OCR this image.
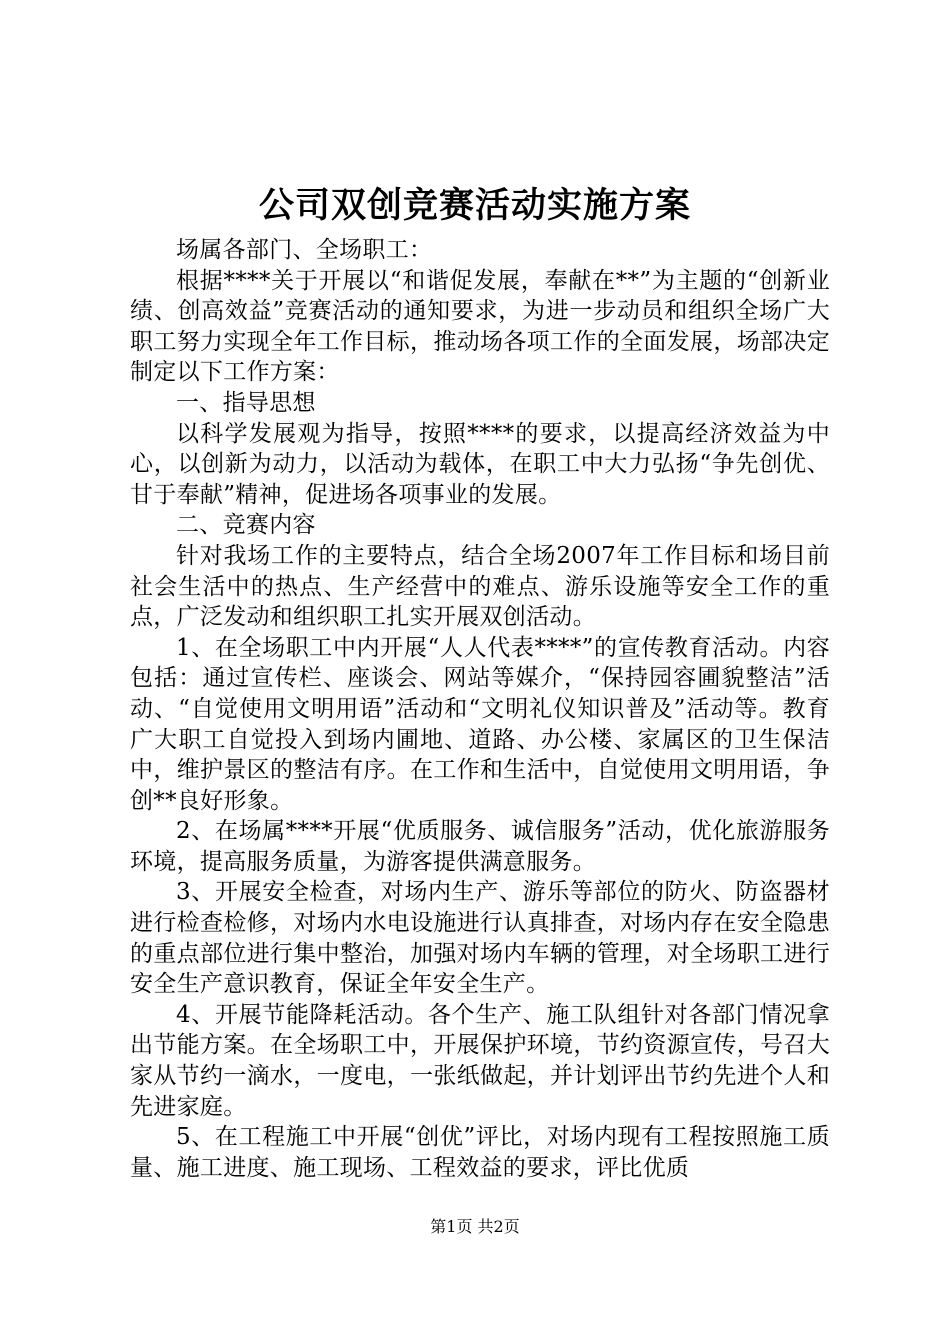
公司双创竞赛活动实施方案

场属各部门、全场职工：

根据****关于开展以“和谐促发展，奉献在**”为主题的“创新业绩、创高效益”竞赛活动的通知要求，为进一步动员和组织全场广大职工努力实现全年工作目标，推动场各项工作的全面发展，场部决定制定以下工作方案：

一、指导思想

以科学发展观为指导，按照****的要求，以提高经济效益为中心，以创新为动力，以活动为载体，在职工中大力弘扬“争先创优、甘于奉献”精神，促进场各项事业的发展。

二、竞赛内容

针对我场工作的主要特点，结合全场2007年工作目标和场目前社会生活中的热点、生产经营中的难点、游乐设施等安全工作的重点，广泛发动和组织职工扎实开展双创活动。

1、在全场职工中内开展“人人代表****”的宣传教育活动。内容包括：通过宣传栏、座谈会、网站等媒介，“保持园容圃貌整洁”活动、“自觉使用文明用语”活动和“文明礼仪知识普及”活动等。教育广大职工自觉投入到场内圃地、道路、办公楼、家属区的卫生保洁中，维护景区的整洁有序。在工作和生活中，自觉使用文明用语，争创**良好形象。

2、在场属****开展“优质服务、诚信服务”活动，优化旅游服务环境，提高服务质量，为游客提供满意服务。

3、开展安全检查，对场内生产、游乐等部位的防火、防盗器材进行检查检修，对场内水电设施进行认真排查，对场内存在安全隐患的重点部位进行集中整治，加强对场内车辆的管理，对全场职工进行安全生产意识教育，保证全年安全生产。

4、开展节能降耗活动。各个生产、施工队组针对各部门情况拿出节能方案。在全场职工中，开展保护环境，节约资源宣传，号召大家从节约一滴水，一度电，一张纸做起，并计划评出节约先进个人和先进家庭。

5、在工程施工中开展“创优”评比，对场内现有工程按照施工质量、施工进度、施工现场、工程效益的要求，评比优质

第1页 共2页
